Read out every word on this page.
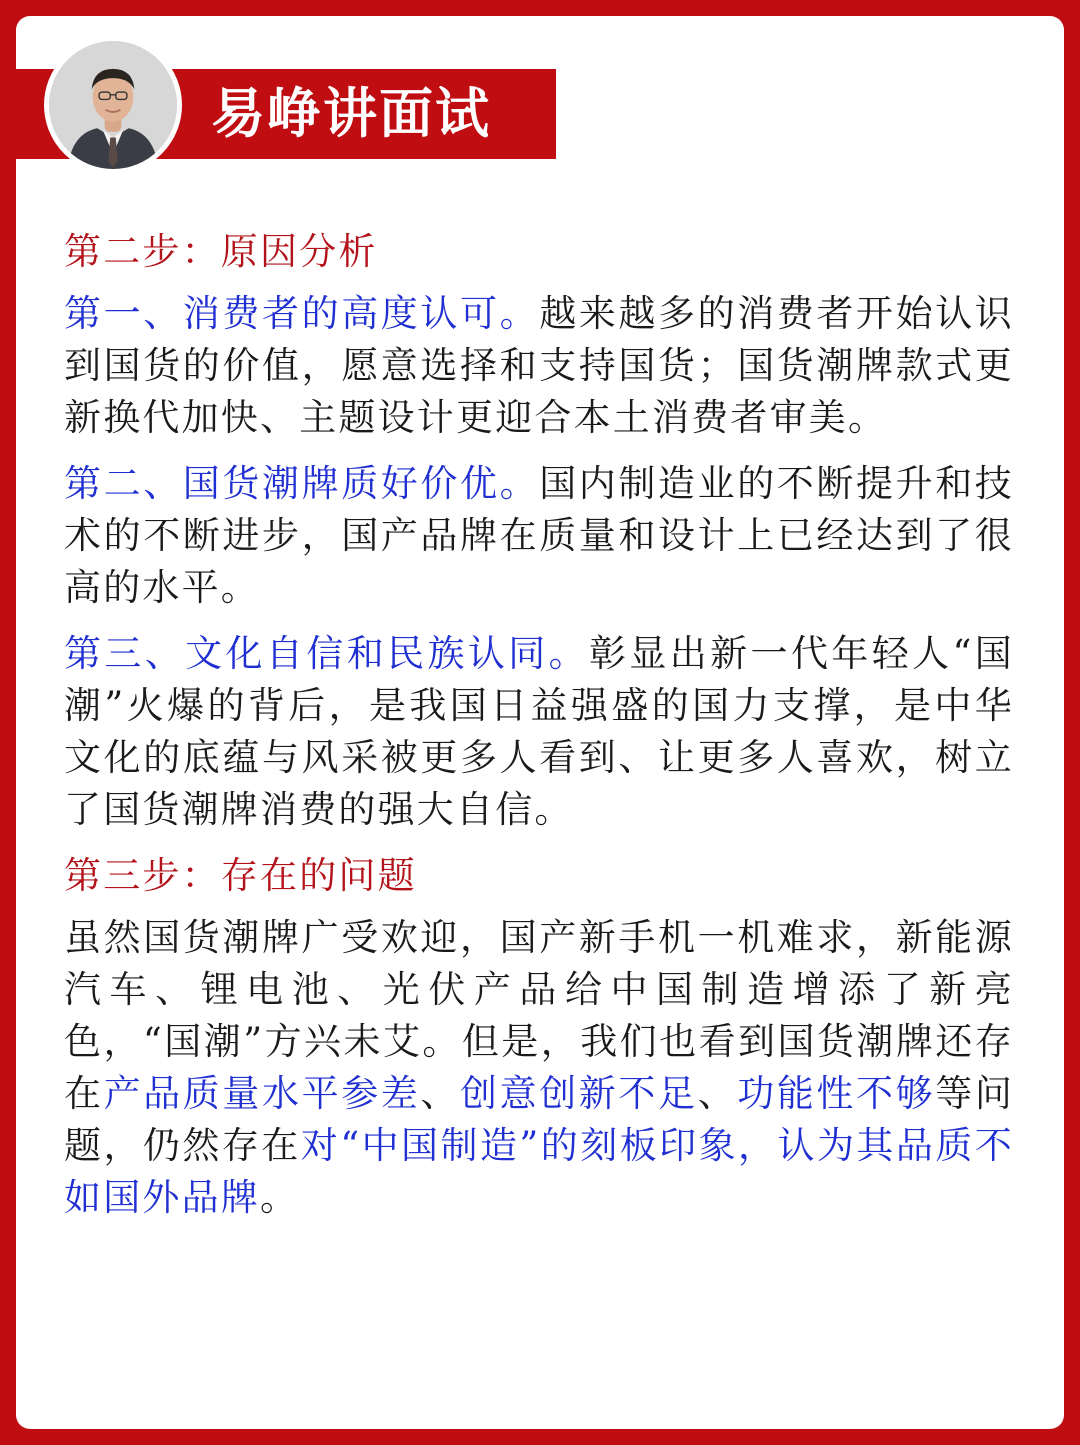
易峥讲面试
第二步：原因分析
第一、消费者的高度认可。越来越多的消费者开始认识到国货的价值，愿意选择和支持国货；国货潮牌款式更新换代加快、主题设计更迎合本土消费者审美。
第二、国货潮牌质好价优。国内制造业的不断提升和技术的不断进步，国产品牌在质量和设计上已经达到了很高的水平。
第三、文化自信和民族认同。彰显出新一代年轻人“国潮”火爆的背后，是我国日益强盛的国力支撑，是中华文化的底蕴与风采被更多人看到、让更多人喜欢，树立了国货潮牌消费的强大自信。
第三步：存在的问题
虽然国货潮牌广受欢迎，国产新手机一机难求，新能源汽车、锂电池、光伏产品给中国制造增添了新亮色，“国潮”方兴未艾。但是，我们也看到国货潮牌还存在产品质量水平参差、创意创新不足、功能性不够等问题，仍然存在对“中国制造”的刻板印象，认为其品质不如国外品牌。
